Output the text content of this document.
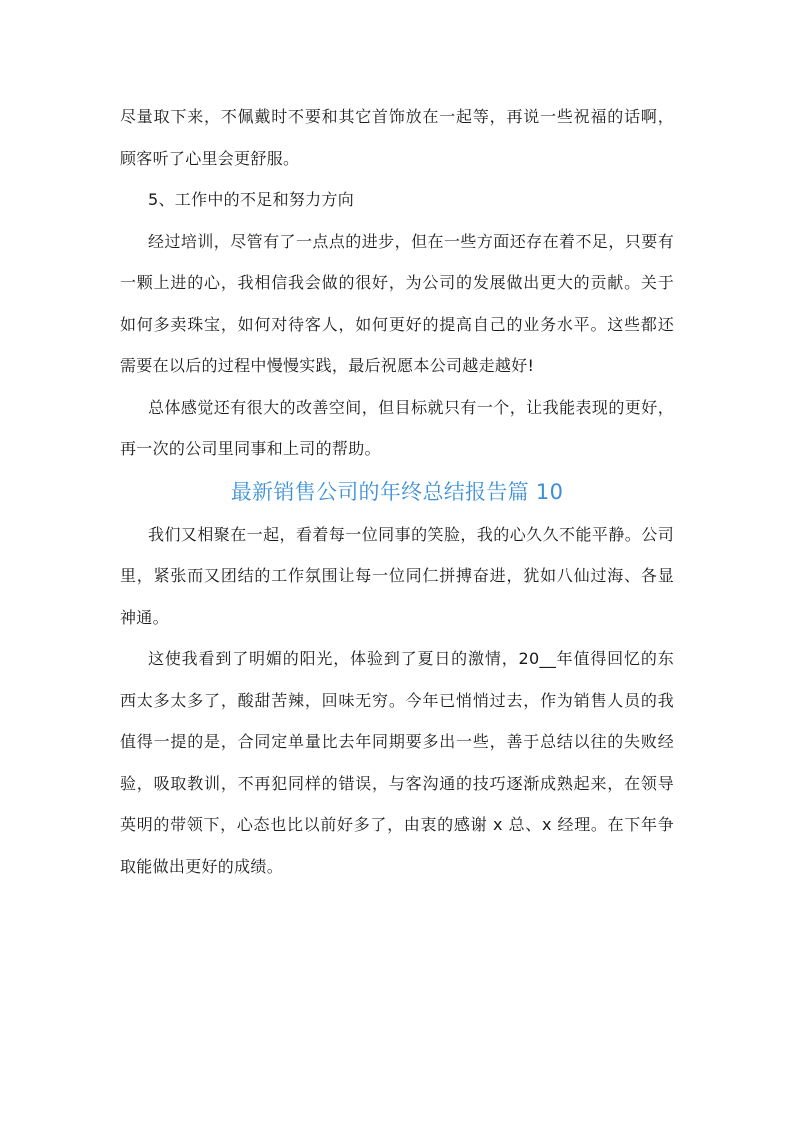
尽量取下来，不佩戴时不要和其它首饰放在一起等，再说一些祝福的话啊，顾客听了心里会更舒服。

5、工作中的不足和努力方向

经过培训，尽管有了一点点的进步，但在一些方面还存在着不足，只要有一颗上进的心，我相信我会做的很好，为公司的发展做出更大的贡献。关于如何多卖珠宝，如何对待客人，如何更好的提高自己的业务水平。这些都还需要在以后的过程中慢慢实践，最后祝愿本公司越走越好!

总体感觉还有很大的改善空间，但目标就只有一个，让我能表现的更好，再一次的公司里同事和上司的帮助。

最新销售公司的年终总结报告篇 10

我们又相聚在一起，看着每一位同事的笑脸，我的心久久不能平静。公司里，紧张而又团结的工作氛围让每一位同仁拼搏奋进，犹如八仙过海、各显神通。

这使我看到了明媚的阳光，体验到了夏日的激情，20__年值得回忆的东西太多太多了，酸甜苦辣，回味无穷。今年已悄悄过去，作为销售人员的我值得一提的是，合同定单量比去年同期要多出一些，善于总结以往的失败经验，吸取教训，不再犯同样的错误，与客沟通的技巧逐渐成熟起来，在领导英明的带领下，心态也比以前好多了，由衷的感谢 x 总、x 经理。在下年争取能做出更好的成绩。
